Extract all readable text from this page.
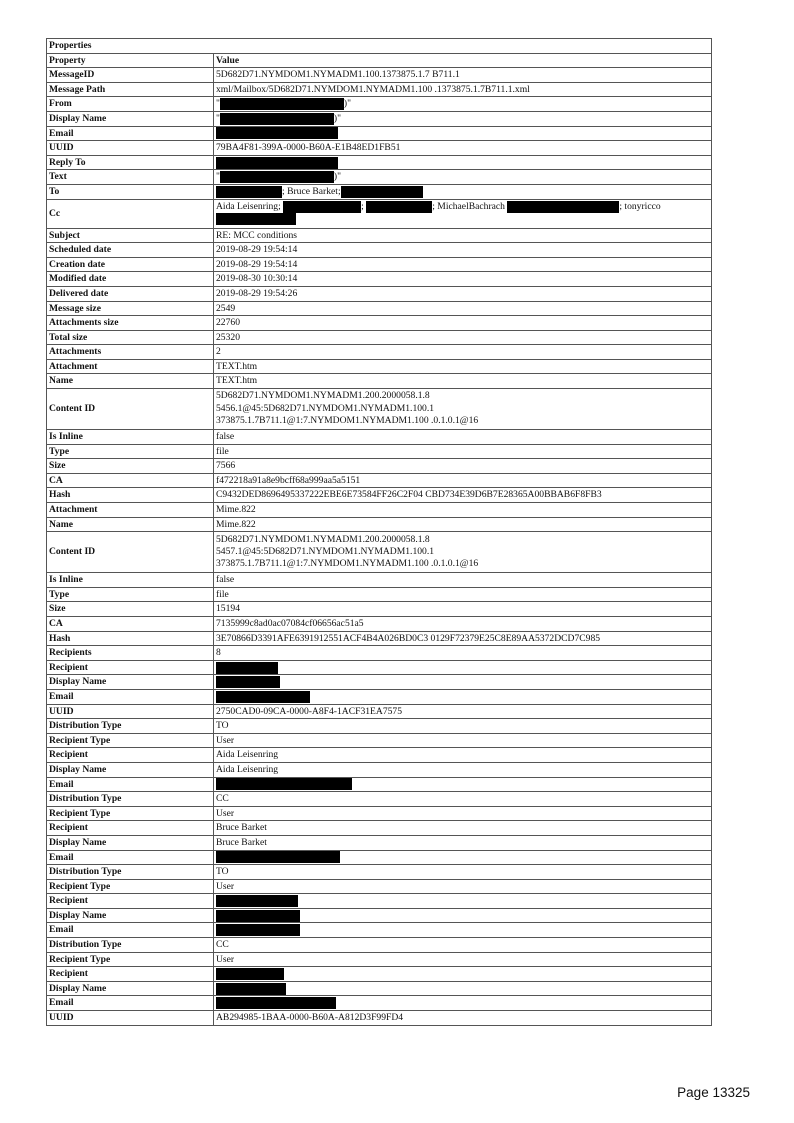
Properties	
Property	Value
MessageID	5D682D71.NYMDOM1.NYMADM1.100.1373875.1.7 B711.1
Message Path	xml/Mailbox/5D682D71.NYMDOM1.NYMADM1.100 .1373875.1.7B711.1.xml
From	" )"
Display Name	" )"
Email	
UUID	79BA4F81-399A-0000-B60A-E1B48ED1FB51
Reply To	
Text	" )"
To	; Bruce Barket;
Cc	Aida Leisenring; ; ; MichaelBachrach ; tonyricco

Subject	RE: MCC conditions
Scheduled date	2019-08-29 19:54:14
Creation date	2019-08-29 19:54:14
Modified date	2019-08-30 10:30:14
Delivered date	2019-08-29 19:54:26
Message size	2549
Attachments size	22760
Total size	25320
Attachments	2
Attachment	TEXT.htm
Name	TEXT.htm
Content ID	5D682D71.NYMDOM1.NYMADM1.200.2000058.1.8
5456.1@45:5D682D71.NYMDOM1.NYMADM1.100.1
373875.1.7B711.1@1:7.NYMDOM1.NYMADM1.100 .0.1.0.1@16
Is Inline	false
Type	file
Size	7566
CA	f472218a91a8e9bcff68a999aa5a5151
Hash	C9432DED8696495337222EBE6E73584FF26C2F04 CBD734E39D6B7E28365A00BBAB6F8FB3
Attachment	Mime.822
Name	Mime.822
Content ID	5D682D71.NYMDOM1.NYMADM1.200.2000058.1.8
5457.1@45:5D682D71.NYMDOM1.NYMADM1.100.1
373875.1.7B711.1@1:7.NYMDOM1.NYMADM1.100 .0.1.0.1@16
Is Inline	false
Type	file
Size	15194
CA	7135999c8ad0ac07084cf06656ac51a5
Hash	3E70866D3391AFE6391912551ACF4B4A026BD0C3 0129F72379E25C8E89AA5372DCD7C985
Recipients	8
Recipient	
Display Name	
Email	
UUID	2750CAD0-09CA-0000-A8F4-1ACF31EA7575
Distribution Type	TO
Recipient Type	User
Recipient	Aida Leisenring
Display Name	Aida Leisenring
Email	
Distribution Type	CC
Recipient Type	User
Recipient	Bruce Barket
Display Name	Bruce Barket
Email	
Distribution Type	TO
Recipient Type	User
Recipient	
Display Name	
Email	
Distribution Type	CC
Recipient Type	User
Recipient	
Display Name	
Email	
UUID	AB294985-1BAA-0000-B60A-A812D3F99FD4
Page 13325
